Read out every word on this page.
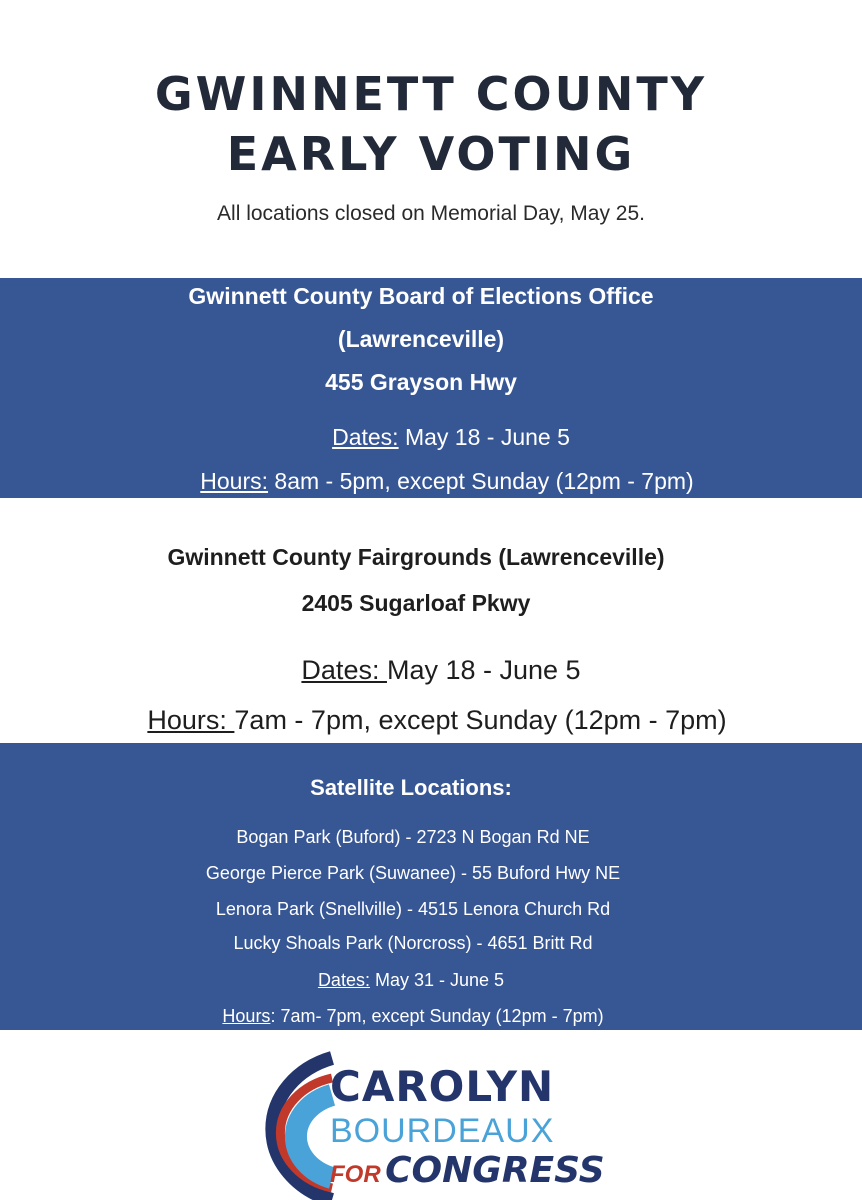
GWINNETT COUNTY
EARLY VOTING
All locations closed on Memorial Day, May 25.
Gwinnett County Board of Elections Office
(Lawrenceville)
455 Grayson Hwy
Dates: May 18 - June 5
Hours: 8am - 5pm, except Sunday (12pm - 7pm)
Gwinnett County Fairgrounds (Lawrenceville)
2405 Sugarloaf Pkwy
Dates: May 18 - June 5
Hours: 7am - 7pm, except Sunday (12pm - 7pm)
Satellite Locations:
Bogan Park (Buford) - 2723 N Bogan Rd NE
George Pierce Park (Suwanee) - 55 Buford Hwy NE
Lenora Park (Snellville) - 4515 Lenora Church Rd
Lucky Shoals Park (Norcross) - 4651 Britt Rd
Dates: May 31 - June 5
Hours: 7am- 7pm, except Sunday (12pm - 7pm)
CAROLYN
BOURDEAUX
FOR CONGRESS
